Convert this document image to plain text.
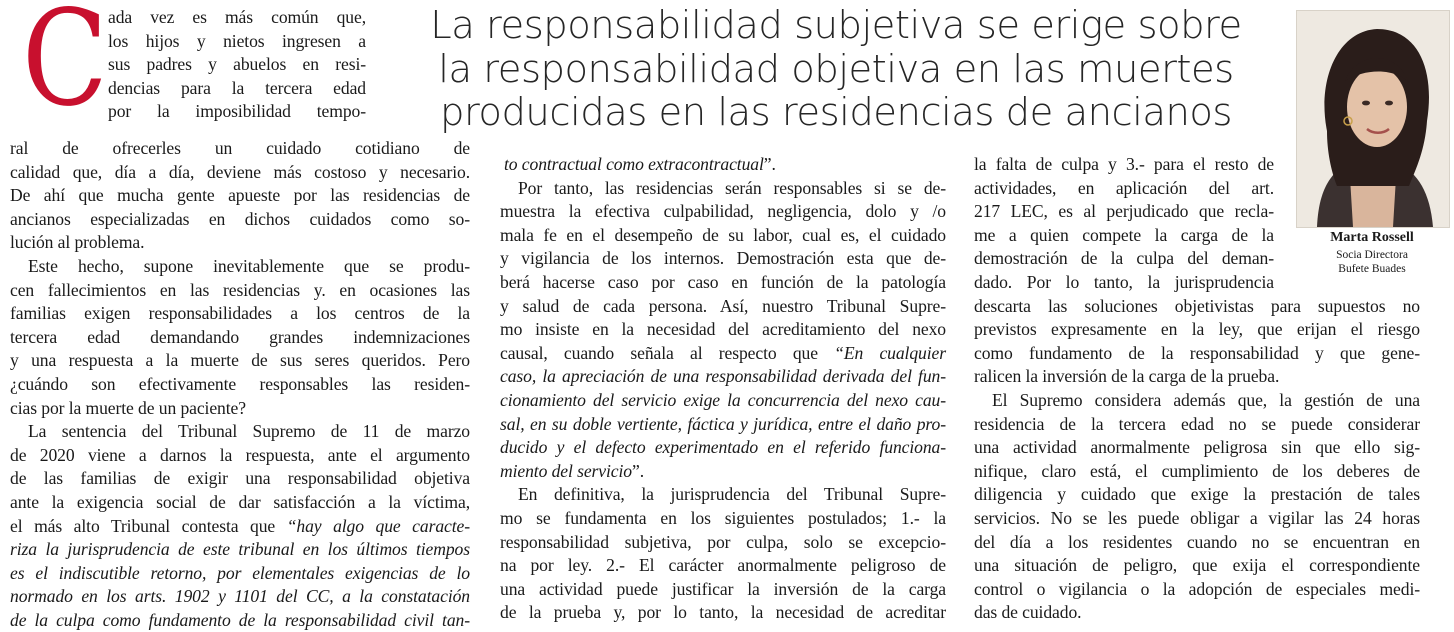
C	La responsabilidad subjetiva se erige sobre
la responsabilidad objetiva en las muertes
producidas en las residencias de ancianos
Marta Rossell
Socia Directora
Bufete Buades
ada vez es más común que,
los hijos y nietos ingresen a
sus padres y abuelos en resi-
dencias para la tercera edad
por la imposibilidad tempo-
ral de ofrecerles un cuidado cotidiano de

calidad que, día a día, deviene más costoso y necesario.
De ahí que mucha gente apueste por las residencias de
ancianos especializadas en dichos cuidados como so-
lución al problema.

Este hecho, supone inevitablemente que se produ-
cen fallecimientos en las residencias y. en ocasiones las
familias exigen responsabilidades a los centros de la
tercera edad demandando grandes indemnizaciones
y una respuesta a la muerte de sus seres queridos. Pero
¿cuándo son efectivamente responsables las residen-
cias por la muerte de un paciente?

La sentencia del Tribunal Supremo de 11 de marzo
de 2020 viene a darnos la respuesta, ante el argumento
de las familias de exigir una responsabilidad objetiva
ante la exigencia social de dar satisfacción a la víctima,
el más alto Tribunal contesta que “hay algo que caracte-
riza la jurisprudencia de este tribunal en los últimos tiempos
es el indiscutible retorno, por elementales exigencias de lo
normado en los arts. 1902 y 1101 del CC, a la constatación
de la culpa como fundamento de la responsabilidad civil tan-

to contractual como extracontractual”.

Por tanto, las residencias serán responsables si se de-
muestra la efectiva culpabilidad, negligencia, dolo y /o
mala fe en el desempeño de su labor, cual es, el cuidado
y vigilancia de los internos. Demostración esta que de-
berá hacerse caso por caso en función de la patología
y salud de cada persona. Así, nuestro Tribunal Supre-
mo insiste en la necesidad del acreditamiento del nexo
causal, cuando señala al respecto que “En cualquier
caso, la apreciación de una responsabilidad derivada del fun-
cionamiento del servicio exige la concurrencia del nexo cau-
sal, en su doble vertiente, fáctica y jurídica, entre el daño pro-
ducido y el defecto experimentado en el referido funciona-
miento del servicio”.

En definitiva, la jurisprudencia del Tribunal Supre-
mo se fundamenta en los siguientes postulados; 1.- la
responsabilidad subjetiva, por culpa, solo se excepcio-
na por ley. 2.- El carácter anormalmente peligroso de
una actividad puede justificar la inversión de la carga
de la prueba y, por lo tanto, la necesidad de acreditar

la falta de culpa y 3.- para el resto de
actividades, en aplicación del art.
217 LEC, es al perjudicado que recla-
me a quien compete la carga de la
demostración de la culpa del deman-
dado. Por lo tanto, la jurisprudencia
descarta las soluciones objetivistas para supuestos no
previstos expresamente en la ley, que erijan el riesgo
como fundamento de la responsabilidad y que gene-
ralicen la inversión de la carga de la prueba.

El Supremo considera además que, la gestión de una
residencia de la tercera edad no se puede considerar
una actividad anormalmente peligrosa sin que ello sig-
nifique, claro está, el cumplimiento de los deberes de
diligencia y cuidado que exige la prestación de tales
servicios. No se les puede obligar a vigilar las 24 horas
del día a los residentes cuando no se encuentran en
una situación de peligro, que exija el correspondiente
control o vigilancia o la adopción de especiales medi-
das de cuidado.
